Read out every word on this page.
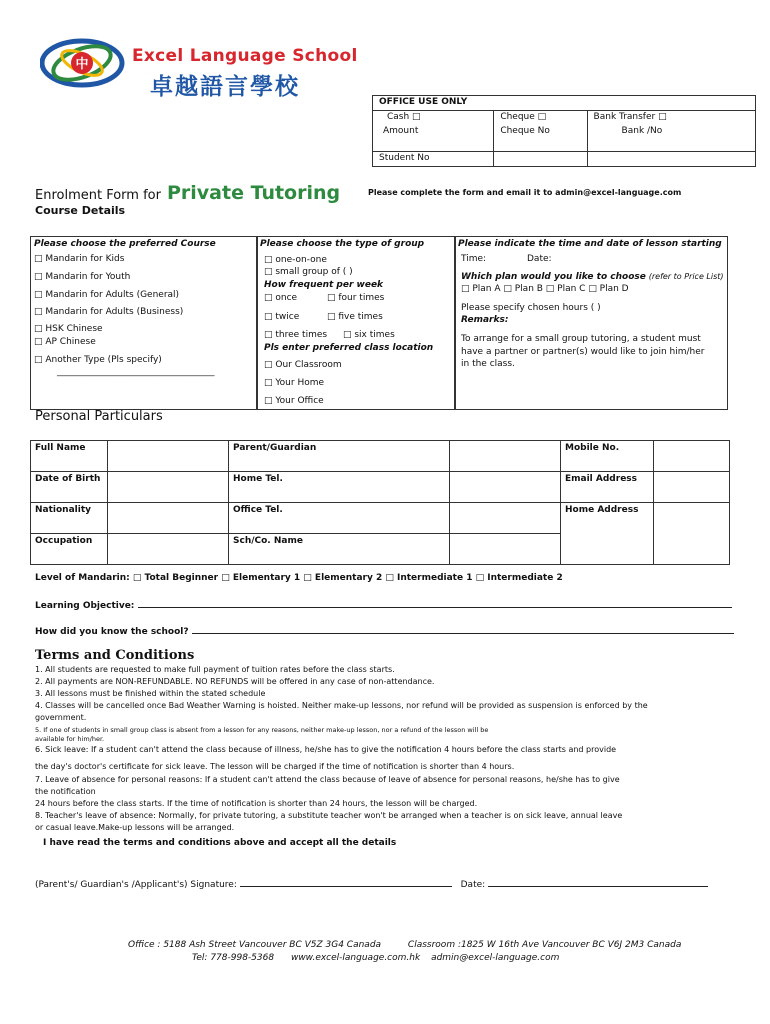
中	Excel Language School
卓越語言學校
OFFICE USE ONLY		
Cash □	Cheque □	Bank Transfer □
Amount	Cheque No	Bank /No
Student No		
Enrolment Form for Private Tutoring	Please complete the form and email it to admin@excel-language.com
Course Details
Please choose the preferred Course
□ Mandarin for Kids
□ Mandarin for Youth
□ Mandarin for Adults (General)
□ Mandarin for Adults (Business)
□ HSK Chinese
□ AP Chinese
□ Another Type (Pls specify)
___________________________________
Please choose the type of group
□ one-on-one
□ small group of ( )
How frequent per week
□ once	□ four times
□ twice	□ five times
□ three times □ six times
Pls enter preferred class location
□ Our Classroom
□ Your Home
□ Your Office
Please indicate the time and date of lesson starting
Time:	Date:
Which plan would you like to choose (refer to Price List)
□ Plan A □ Plan B □ Plan C □ Plan D
Please specify chosen hours ( )
Remarks:
To arrange for a small group tutoring, a student must
have a partner or partner(s) would like to join him/her
in the class.
Personal Particulars
Full Name		Parent/Guardian		Mobile No.	
Date of Birth		Home Tel.		Email Address	
Nationality		Office Tel.		Home Address	
Occupation		Sch/Co. Name			
Level of Mandarin: □ Total Beginner □ Elementary 1 □ Elementary 2 □ Intermediate 1 □ Intermediate 2
Learning Objective:
How did you know the school?
Terms and Conditions
1. All students are requested to make full payment of tuition rates before the class starts.
2. All payments are NON-REFUNDABLE. NO REFUNDS will be offered in any case of non-attendance.
3. All lessons must be finished within the stated schedule
4. Classes will be cancelled once Bad Weather Warning is hoisted. Neither make-up lessons, nor refund will be provided as suspension is enforced by the
government.
5. If one of students in small group class is absent from a lesson for any reasons, neither make-up lesson, nor a refund of the lesson will be
available for him/her.
6. Sick leave: If a student can't attend the class because of illness, he/she has to give the notification 4 hours before the class starts and provide
the day's doctor's certificate for sick leave. The lesson will be charged if the time of notification is shorter than 4 hours.
7. Leave of absence for personal reasons: If a student can't attend the class because of leave of absence for personal reasons, he/she has to give
the notification
24 hours before the class starts. If the time of notification is shorter than 24 hours, the lesson will be charged.
8. Teacher's leave of absence: Normally, for private tutoring, a substitute teacher won't be arranged when a teacher is on sick leave, annual leave
or casual leave.Make-up lessons will be arranged.
I have read the terms and conditions above and accept all the details
(Parent's/ Guardian's /Applicant's) Signature:	Date:
Office : 5188 Ash Street Vancouver BC V5Z 3G4 Canada	Classroom :1825 W 16th Ave Vancouver BC V6J 2M3 Canada
Tel: 778-998-5368 www.excel-language.com.hk admin@excel-language.com
